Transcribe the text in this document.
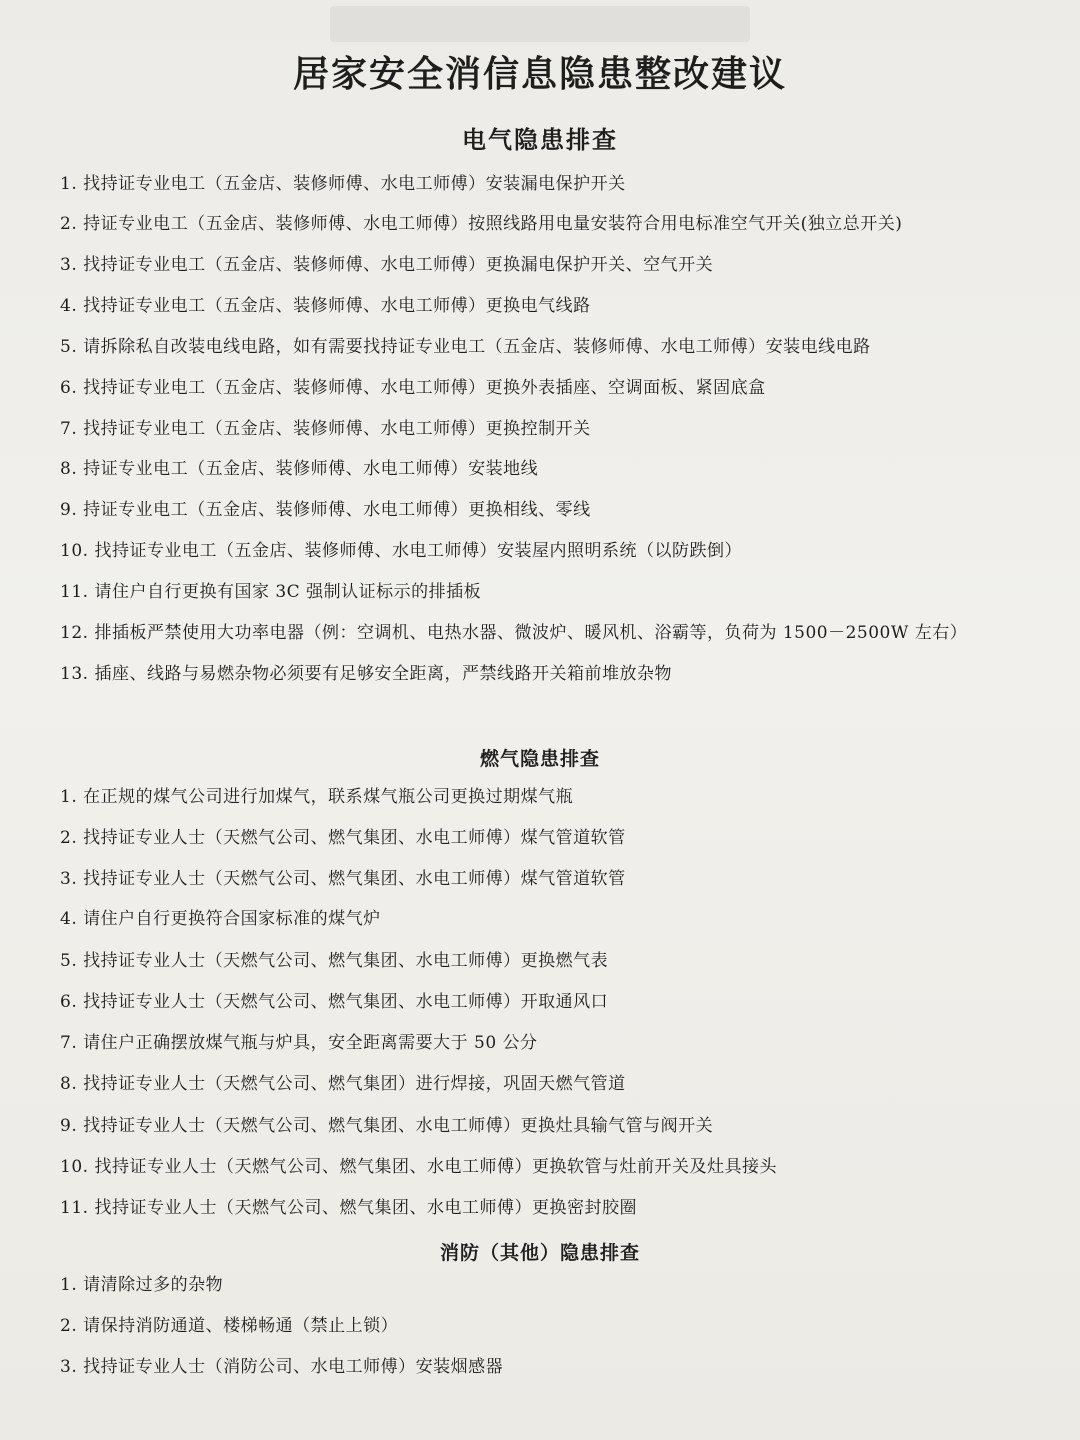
居家安全消信息隐患整改建议
电气隐患排查
1. 找持证专业电工（五金店、装修师傅、水电工师傅）安装漏电保护开关
2. 持证专业电工（五金店、装修师傅、水电工师傅）按照线路用电量安装符合用电标准空气开关(独立总开关)
3. 找持证专业电工（五金店、装修师傅、水电工师傅）更换漏电保护开关、空气开关
4. 找持证专业电工（五金店、装修师傅、水电工师傅）更换电气线路
5. 请拆除私自改装电线电路，如有需要找持证专业电工（五金店、装修师傅、水电工师傅）安装电线电路
6. 找持证专业电工（五金店、装修师傅、水电工师傅）更换外表插座、空调面板、紧固底盒
7. 找持证专业电工（五金店、装修师傅、水电工师傅）更换控制开关
8. 持证专业电工（五金店、装修师傅、水电工师傅）安装地线
9. 持证专业电工（五金店、装修师傅、水电工师傅）更换相线、零线
10. 找持证专业电工（五金店、装修师傅、水电工师傅）安装屋内照明系统（以防跌倒）
11. 请住户自行更换有国家 3C 强制认证标示的排插板
12. 排插板严禁使用大功率电器（例：空调机、电热水器、微波炉、暖风机、浴霸等，负荷为 1500－2500W 左右）
13. 插座、线路与易燃杂物必须要有足够安全距离，严禁线路开关箱前堆放杂物
燃气隐患排查
1. 在正规的煤气公司进行加煤气，联系煤气瓶公司更换过期煤气瓶
2. 找持证专业人士（天燃气公司、燃气集团、水电工师傅）煤气管道软管
3. 找持证专业人士（天燃气公司、燃气集团、水电工师傅）煤气管道软管
4. 请住户自行更换符合国家标准的煤气炉
5. 找持证专业人士（天燃气公司、燃气集团、水电工师傅）更换燃气表
6. 找持证专业人士（天燃气公司、燃气集团、水电工师傅）开取通风口
7. 请住户正确摆放煤气瓶与炉具，安全距离需要大于 50 公分
8. 找持证专业人士（天燃气公司、燃气集团）进行焊接，巩固天燃气管道
9. 找持证专业人士（天燃气公司、燃气集团、水电工师傅）更换灶具输气管与阀开关
10. 找持证专业人士（天燃气公司、燃气集团、水电工师傅）更换软管与灶前开关及灶具接头
11. 找持证专业人士（天燃气公司、燃气集团、水电工师傅）更换密封胶圈
消防（其他）隐患排查
1. 请清除过多的杂物
2. 请保持消防通道、楼梯畅通（禁止上锁）
3. 找持证专业人士（消防公司、水电工师傅）安装烟感器
